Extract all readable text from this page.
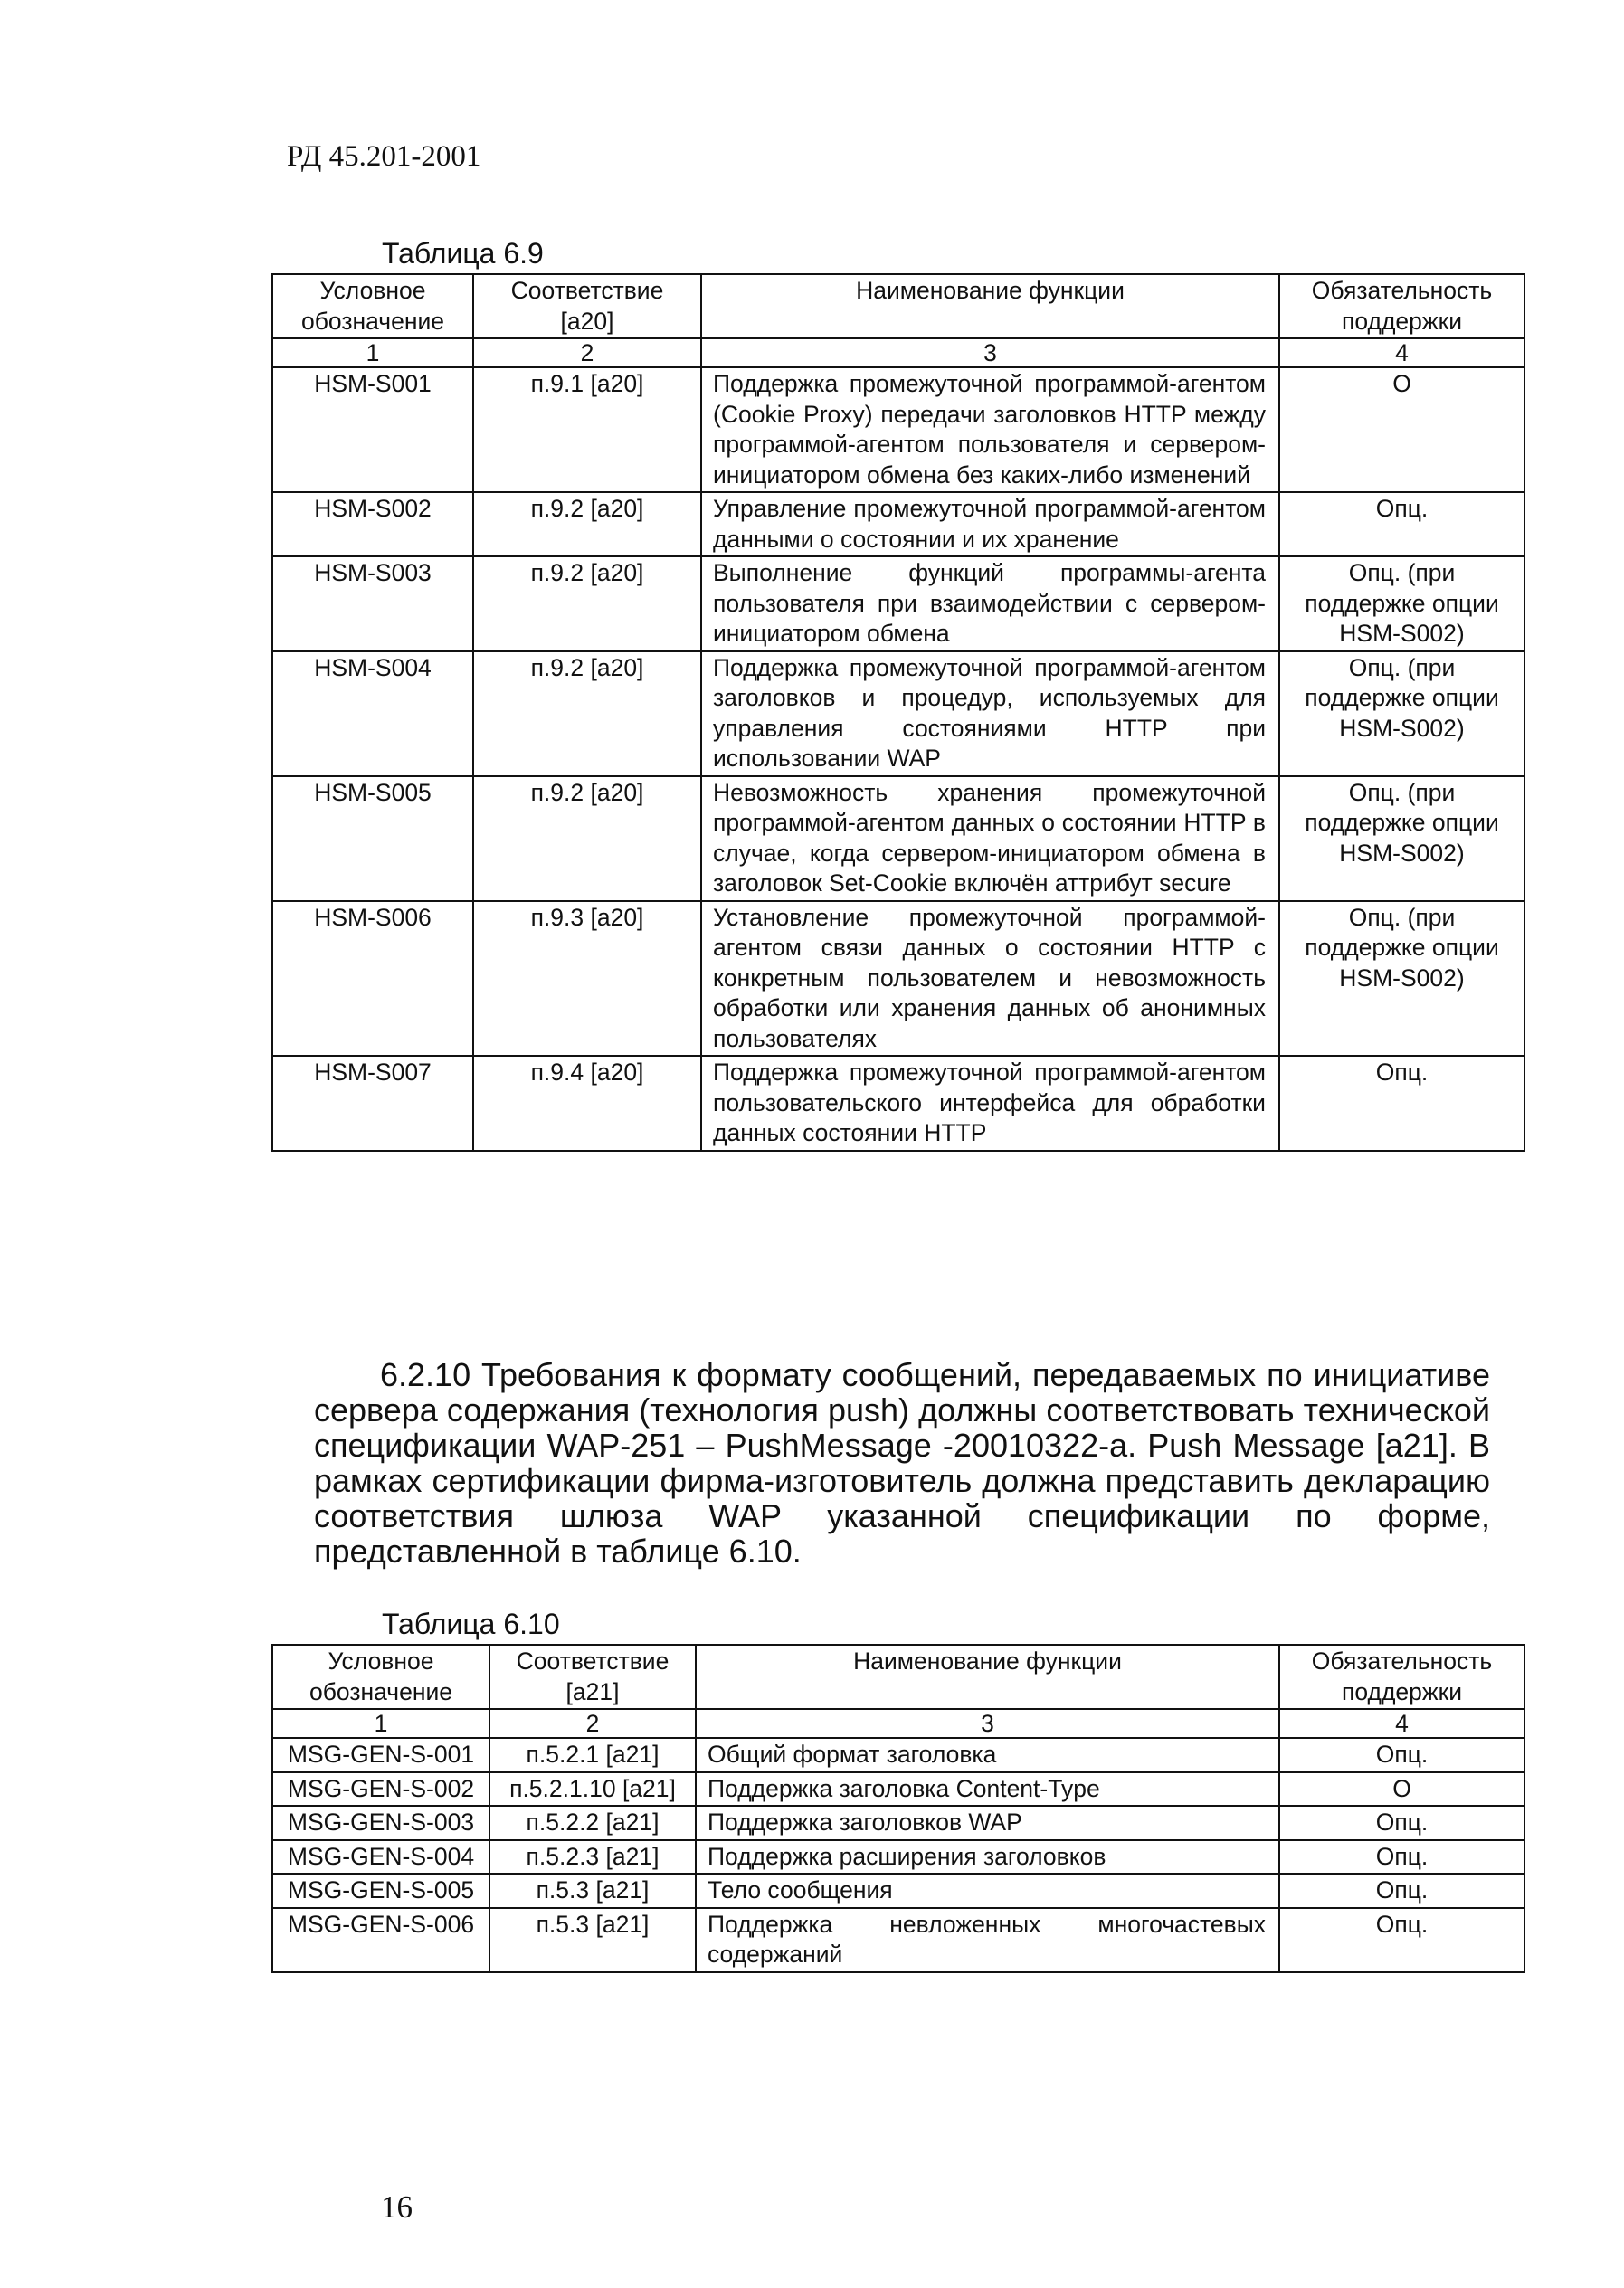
РД 45.201-2001
Таблица 6.9
Условное обозначение	Соответствие [a20]	Наименование функции	Обязательность поддержки
1	2	3	4
HSM-S001	п.9.1 [a20]	Поддержка промежуточной программой-агентом (Cookie Proxy) передачи заголовков HTTP между программой-агентом пользователя и сервером-инициатором обмена без каких-либо изменений	О
HSM-S002	п.9.2 [a20]	Управление промежуточной программой-агентом данными о состоянии и их хранение	Опц.
HSM-S003	п.9.2 [a20]	Выполнение функций программы-агента пользователя при взаимодействии с сервером-инициатором обмена	Опц. (при поддержке опции HSM-S002)
HSM-S004	п.9.2 [a20]	Поддержка промежуточной программой-агентом заголовков и процедур, используемых для управления состояниями HTTP при использовании WAP	Опц. (при поддержке опции HSM-S002)
HSM-S005	п.9.2 [a20]	Невозможность хранения промежуточной программой-агентом данных о состоянии HTTP в случае, когда сервером-инициатором обмена в заголовок Set-Cookie включён аттрибут secure	Опц. (при поддержке опции HSM-S002)
HSM-S006	п.9.3 [a20]	Установление промежуточной программой-агентом связи данных о состоянии HTTP с конкретным пользователем и невозможность обработки или хранения данных об анонимных пользователях	Опц. (при поддержке опции HSM-S002)
HSM-S007	п.9.4 [a20]	Поддержка промежуточной программой-агентом пользовательского интерфейса для обработки данных состоянии HTTP	Опц.
6.2.10 Требования к формату сообщений, передаваемых по инициативе сервера содержания (технология push) должны соответствовать технической спецификации WAP-251 – PushMessage -20010322-a. Push Message [a21]. В рамках сертификации фирма-изготовитель должна представить декларацию соответствия шлюза WAP указанной спецификации по форме, представленной в таблице 6.10.
Таблица 6.10
Условное обозначение	Соответствие [a21]	Наименование функции	Обязательность поддержки
1	2	3	4
MSG-GEN-S-001	п.5.2.1 [a21]	Общий формат заголовка	Опц.
MSG-GEN-S-002	п.5.2.1.10 [a21]	Поддержка заголовка Content-Type	О
MSG-GEN-S-003	п.5.2.2 [a21]	Поддержка заголовков WAP	Опц.
MSG-GEN-S-004	п.5.2.3 [a21]	Поддержка расширения заголовков	Опц.
MSG-GEN-S-005	п.5.3 [a21]	Тело сообщения	Опц.
MSG-GEN-S-006	п.5.3 [a21]	Поддержка невложенных многочастевых содержаний	Опц.
16
